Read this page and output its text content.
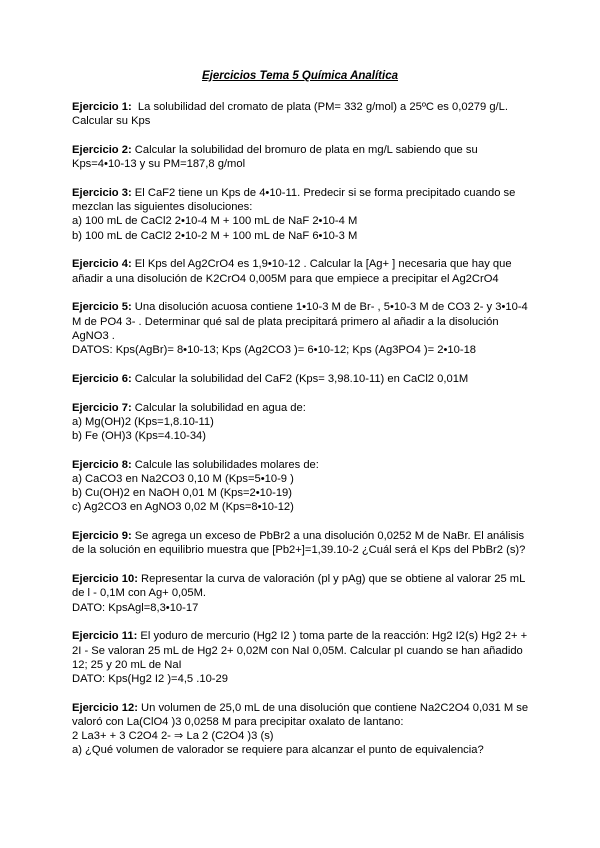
Ejercicios Tema 5 Química Analítica

Ejercicio 1:  La solubilidad del cromato de plata (PM= 332 g/mol) a 25ºC es 0,0279 g/L.

Calcular su Kps

Ejercicio 2: Calcular la solubilidad del bromuro de plata en mg/L sabiendo que su

Kps=4•10-13 y su PM=187,8 g/mol

Ejercicio 3: El CaF2 tiene un Kps de 4•10-11. Predecir si se forma precipitado cuando se

mezclan las siguientes disoluciones:

a) 100 mL de CaCl2 2•10-4 M + 100 mL de NaF 2•10-4 M

b) 100 mL de CaCl2 2•10-2 M + 100 mL de NaF 6•10-3 M

Ejercicio 4: El Kps del Ag2CrO4 es 1,9•10-12 . Calcular la [Ag+ ] necesaria que hay que

añadir a una disolución de K2CrO4 0,005M para que empiece a precipitar el Ag2CrO4

Ejercicio 5: Una disolución acuosa contiene 1•10-3 M de Br- , 5•10-3 M de CO3 2- y 3•10-4

M de PO4 3- . Determinar qué sal de plata precipitará primero al añadir a la disolución

AgNO3 .

DATOS: Kps(AgBr)= 8•10-13; Kps (Ag2CO3 )= 6•10-12; Kps (Ag3PO4 )= 2•10-18

Ejercicio 6: Calcular la solubilidad del CaF2 (Kps= 3,98.10-11) en CaCl2 0,01M

Ejercicio 7: Calcular la solubilidad en agua de:

a) Mg(OH)2 (Kps=1,8.10-11)

b) Fe (OH)3 (Kps=4.10-34)

Ejercicio 8: Calcule las solubilidades molares de:

a) CaCO3 en Na2CO3 0,10 M (Kps=5•10-9 )

b) Cu(OH)2 en NaOH 0,01 M (Kps=2•10-19)

c) Ag2CO3 en AgNO3 0,02 M (Kps=8•10-12)

Ejercicio 9: Se agrega un exceso de PbBr2 a una disolución 0,0252 M de NaBr. El análisis

de la solución en equilibrio muestra que [Pb2+]=1,39.10-2 ¿Cuál será el Kps del PbBr2 (s)?

Ejercicio 10: Representar la curva de valoración (pl y pAg) que se obtiene al valorar 25 mL

de l - 0,1M con Ag+ 0,05M.

DATO: KpsAgl=8,3•10-17

Ejercicio 11: El yoduro de mercurio (Hg2 I2 ) toma parte de la reacción: Hg2 I2(s) Hg2 2+ +

2I - Se valoran 25 mL de Hg2 2+ 0,02M con NaI 0,05M. Calcular pI cuando se han añadido

12; 25 y 20 mL de NaI

DATO: Kps(Hg2 I2 )=4,5 .10-29

Ejercicio 12: Un volumen de 25,0 mL de una disolución que contiene Na2C2O4 0,031 M se

valoró con La(ClO4 )3 0,0258 M para precipitar oxalato de lantano:

2 La3+ + 3 C2O4 2- ⇒ La 2 (C2O4 )3 (s)

a) ¿Qué volumen de valorador se requiere para alcanzar el punto de equivalencia?
